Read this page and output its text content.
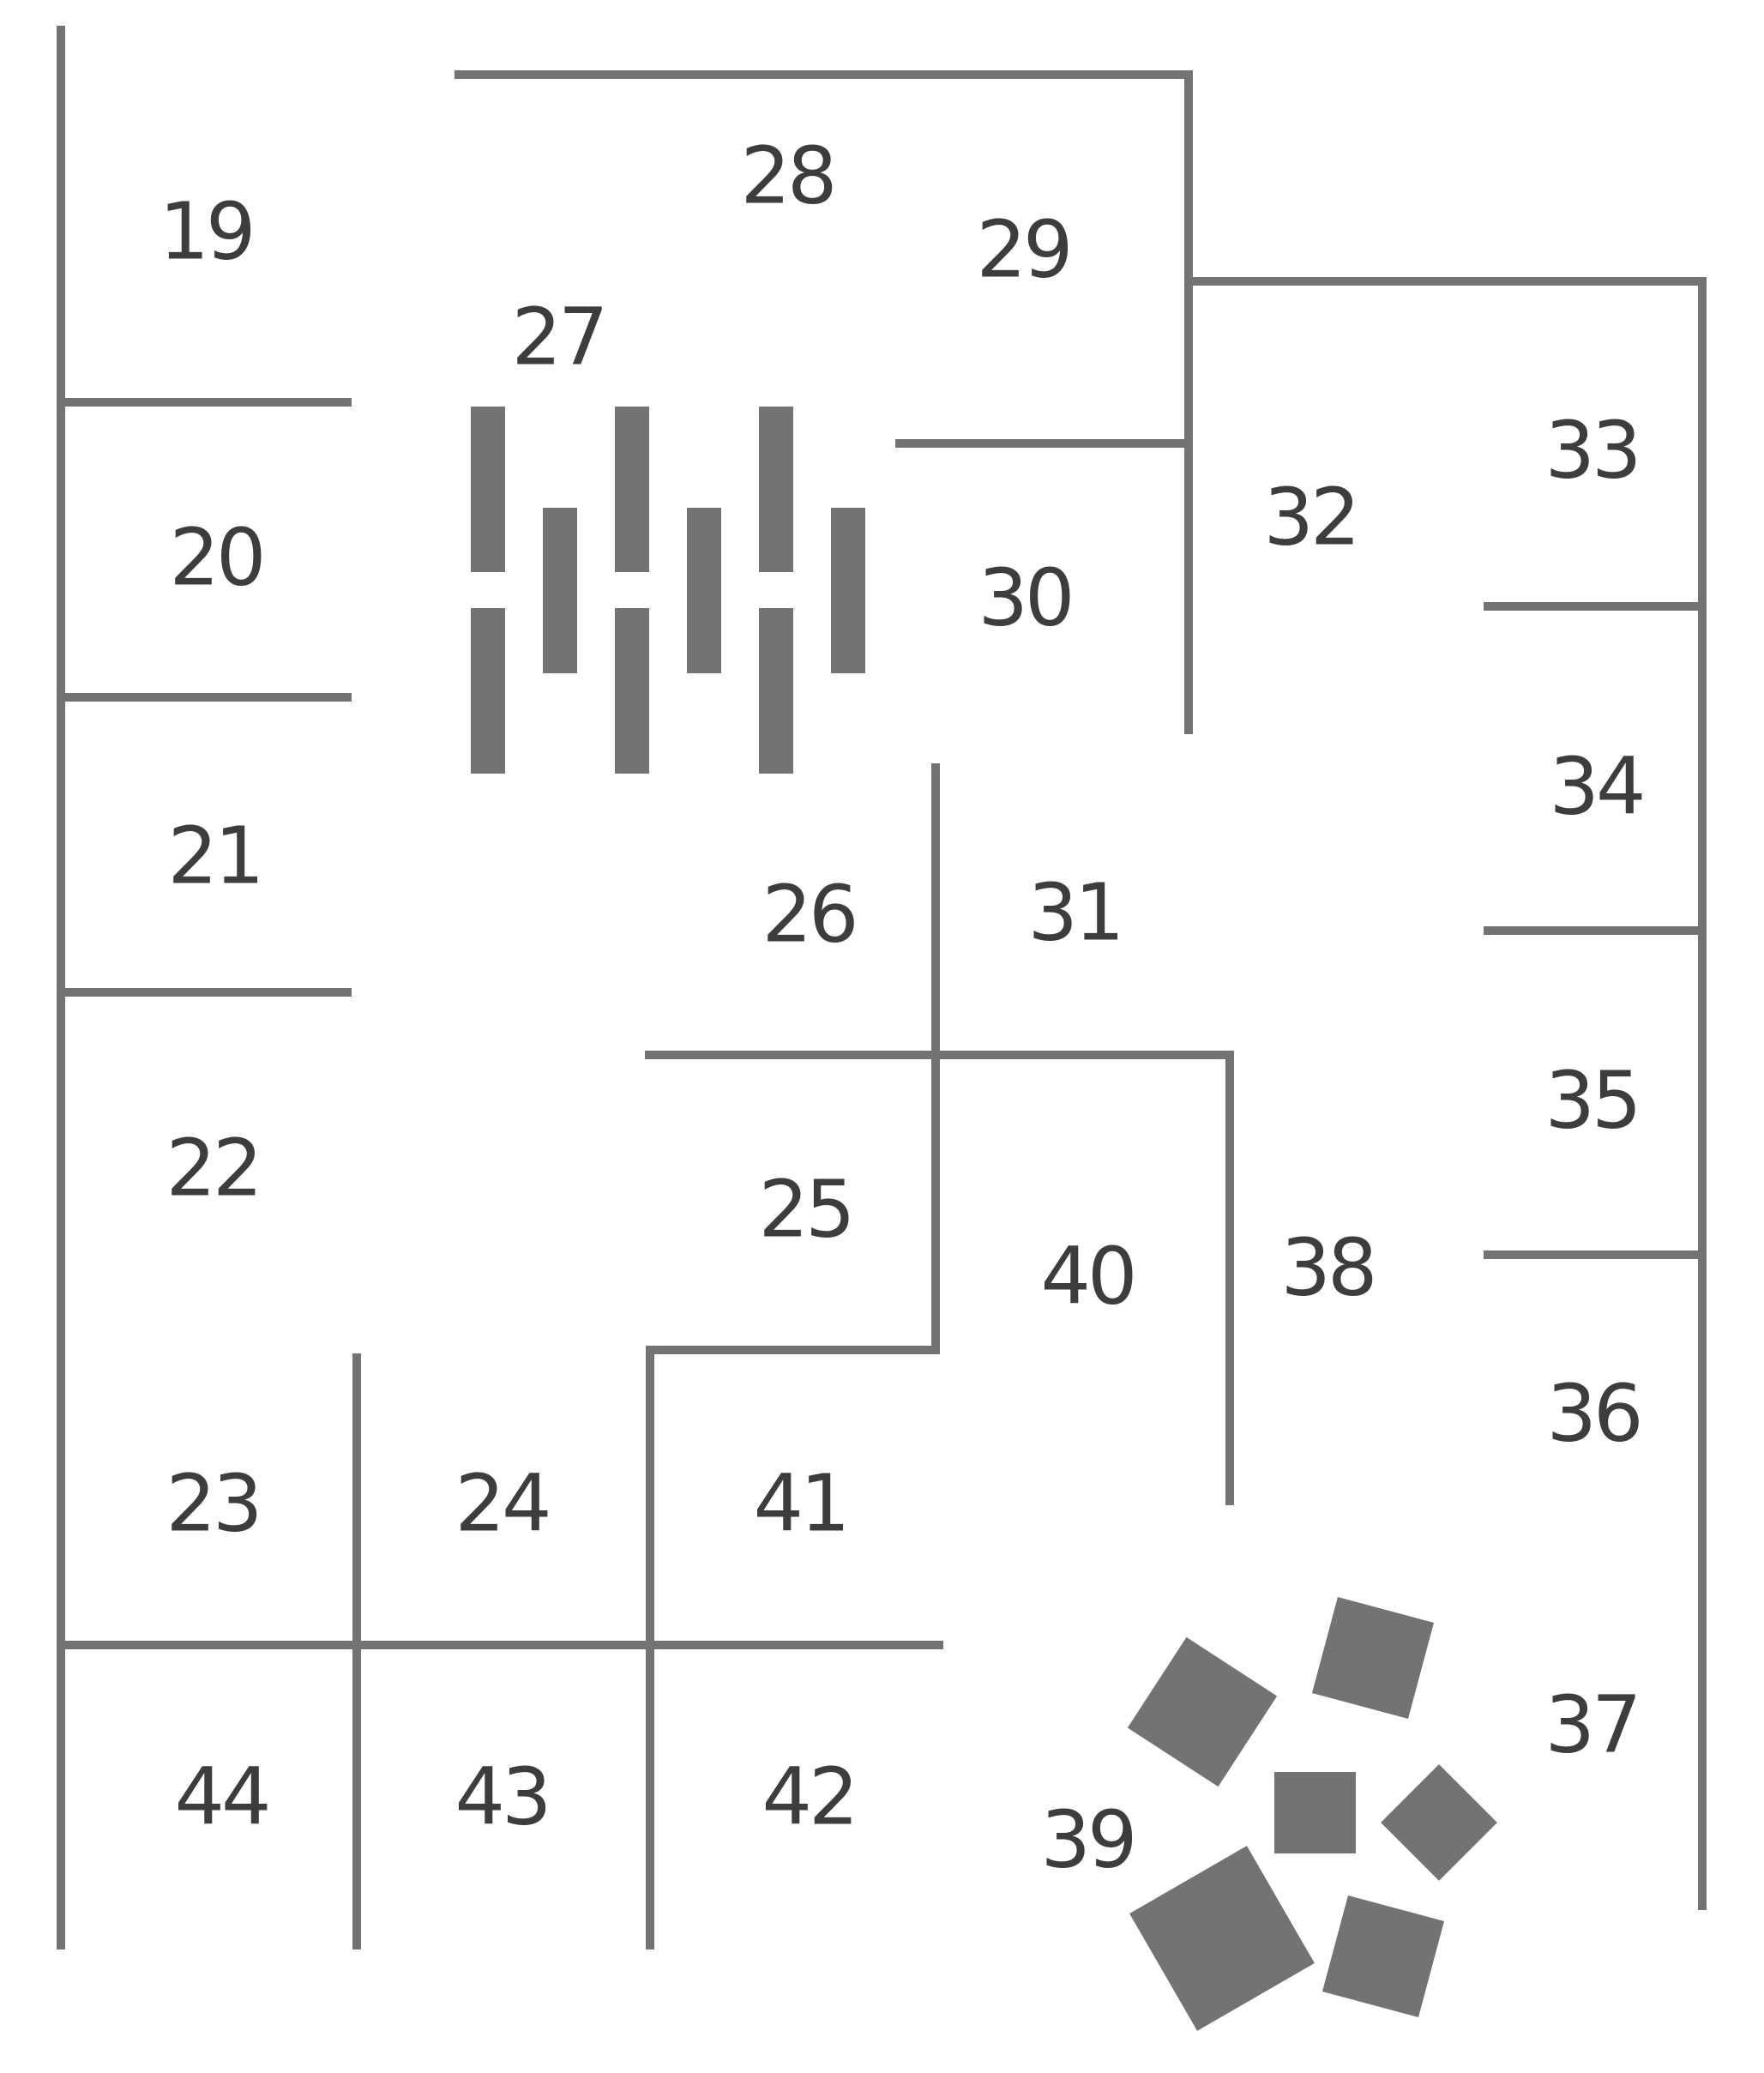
19
20
21
22
23 24
25
26
27
28
29
30
31
32
33
34
35
36
37
38
39
40
41
42
43
44
